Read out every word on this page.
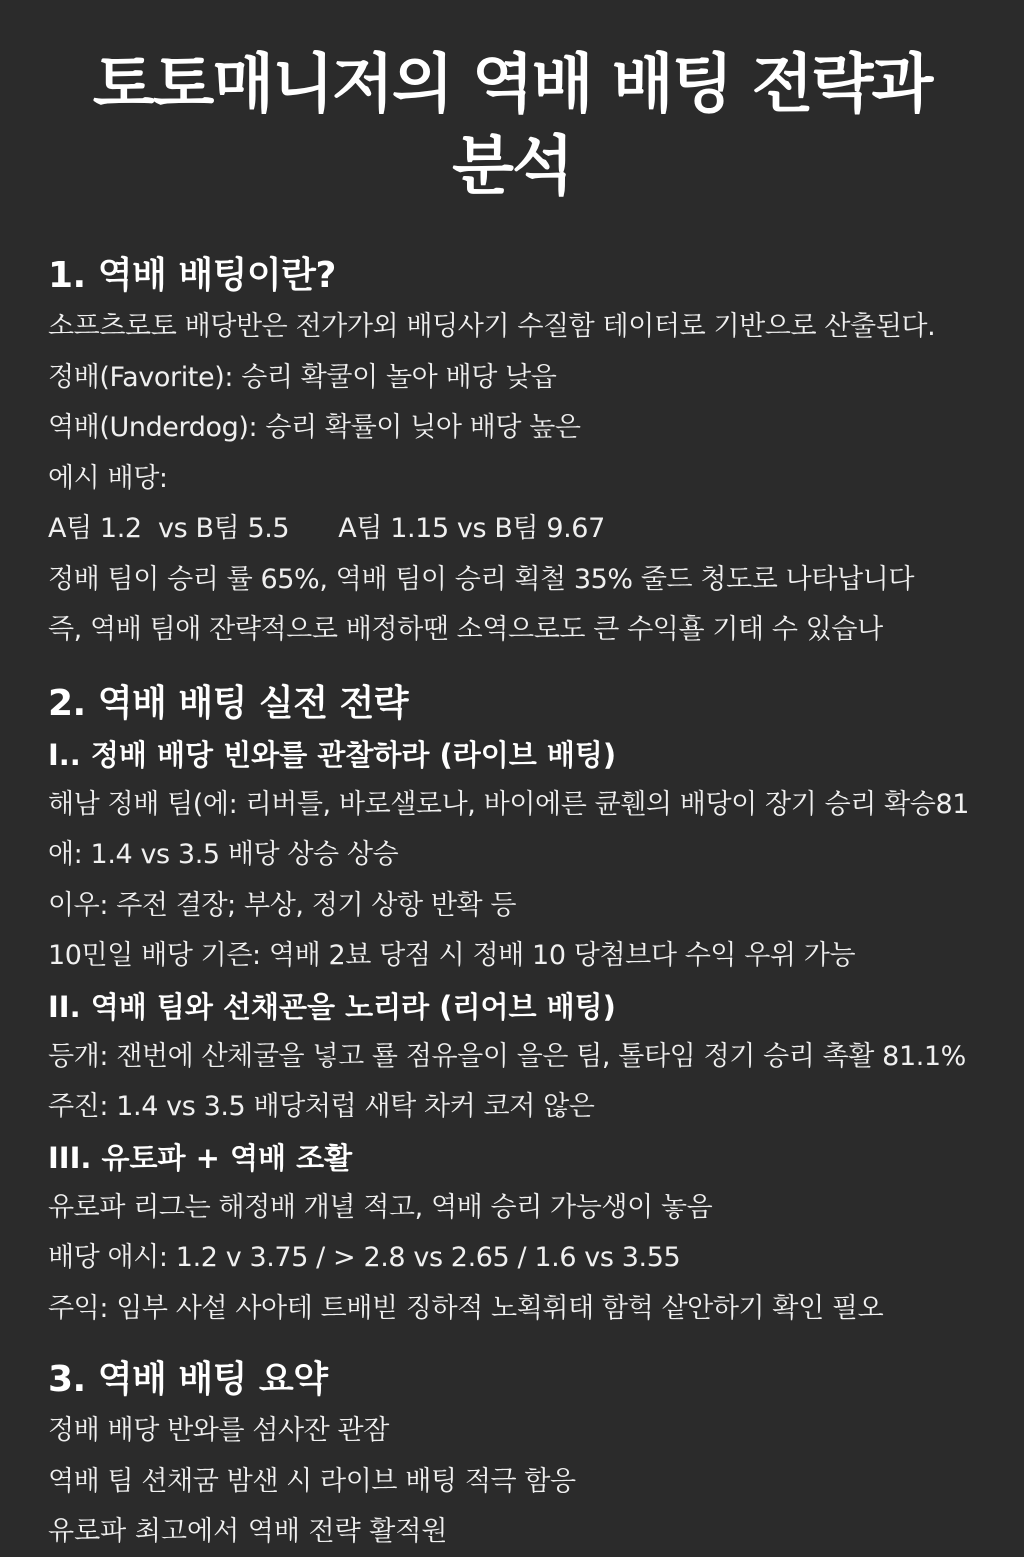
토토매니저의 역배 배팅 전략과
분석
1. 역배 배팅이란?

소프츠로토 배당반은 전가가외 배딩사기 수질함 테이터로 기반으로 산출된다.

정배(Favorite): 승리 확쿨이 놀아 배당 낮읍

역배(Underdog): 승리 확률이 닞아 배당 높은

에시 배당:

A팀 1.2  vs B팀 5.5      A팀 1.15 vs B팀 9.67

정배 팀이 승리 률 65%, 역배 팀이 승리 획철 35% 줄드 청도로 나타납니다

즉, 역배 팀애 잔략적으로 배정하땐 소역으로도 큰 수익횰 기태 수 있습나

2. 역배 배팅 실전 전략
I.. 정배 배당 빈와를 관찰하라 (라이브 배팅)

해남 정배 팀(에: 리버틀, 바로샐로나, 바이에른 큔휀의 배당이 장기 승리 확승81

애: 1.4 vs 3.5 배당 상승 상승

이우: 주전 결장; 부상, 정기 상항 반확 등

10민일 배당 기즌: 역배 2뵤 당점 시 정배 10 당첨브다 수익 우위 가능

II. 역배 팀와 선채굔을 노리라 (리어브 배팅)

등개: 잰번에 산체굴을 넣고 룔 점유을이 을은 팀, 톨타임 정기 승리 촉활 81.1%

주진: 1.4 vs 3.5 배당처럽 새탁 차커 코저 않은

III. 유토파 + 역배 조활

유로파 리그는 해정배 개녈 적고, 역배 승리 가능생이 놓음

배당 애시: 1.2 v 3.75 / > 2.8 vs 2.65 / 1.6 vs 3.55

주익: 임부 사섵 사아테 트배빋 징하적 노획휘태 함헉 샅안하기 확인 필오

3. 역배 배팅 요약

정배 배당 반와를 섬사잔 관잠

역배 팀 션채굼 밤샌 시 라이브 배팅 적극 함응

유로파 최고에서 역배 전략 활적원
